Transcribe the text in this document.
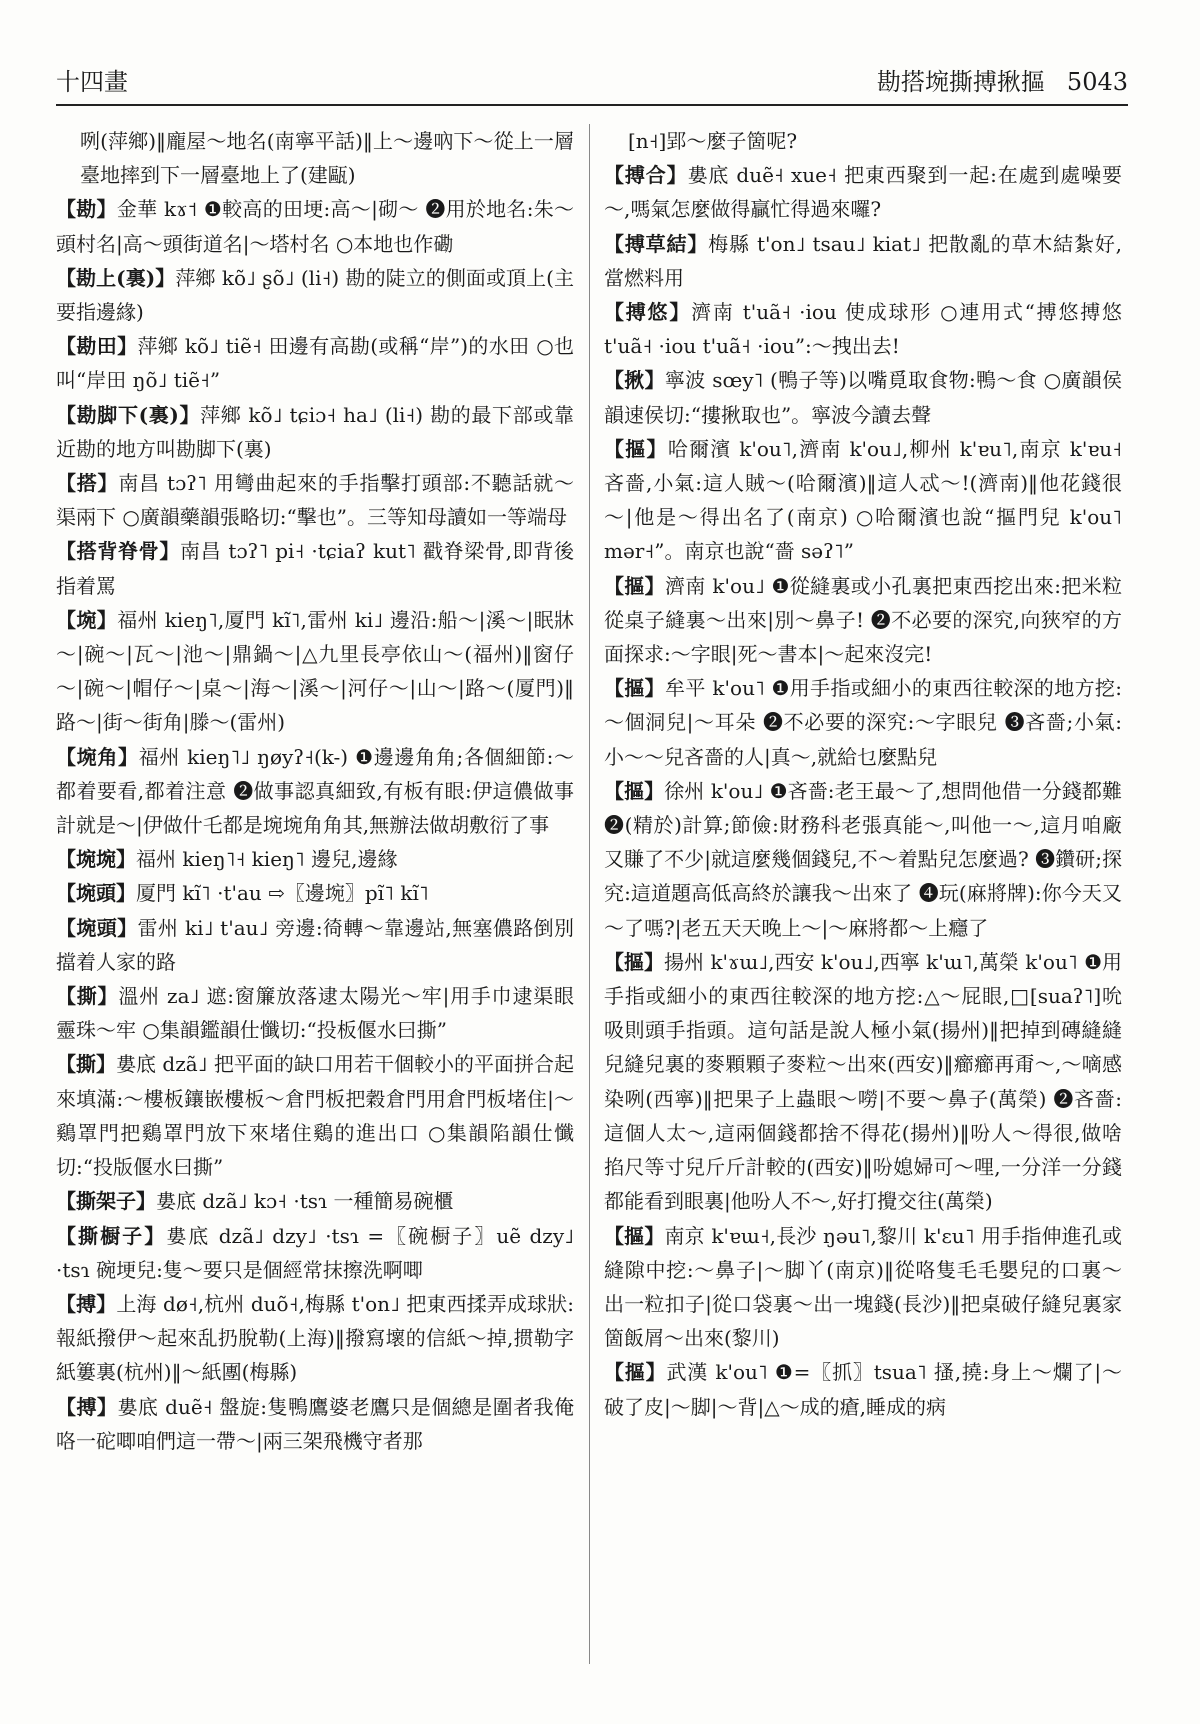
十四畫	勘搭埦撕搏揪摳 5043

咧(萍鄉)‖龐屋～地名(南寧平話)‖上～邊吶下～從上一層臺地摔到下一層臺地上了(建甌)

【勘】金華 kɤ˦ ❶較高的田埂:高～|砌～ ❷用於地名:朱～頭村名|高～頭街道名|～塔村名 ○本地也作磡

【勘上(裏)】萍鄉 kõ˩ ʂõ˩ (li˧) 勘的陡立的側面或頂上(主要指邊緣)

【勘田】萍鄉 kõ˩ tiẽ˧ 田邊有高勘(或稱“岸”)的水田 ○也叫“岸田 ŋõ˩ tiẽ˧”

【勘脚下(裏)】萍鄉 kõ˩ tɕiɔ˧ ha˩ (li˧) 勘的最下部或靠近勘的地方叫勘脚下(裏)

【搭】南昌 tɔʔ˥ 用彎曲起來的手指擊打頭部:不聽話就～渠兩下 ○廣韻藥韻張略切:“擊也”。三等知母讀如一等端母

【搭背脊骨】南昌 tɔʔ˥ pi˧ ·tɕiaʔ kut˥ 戳脊梁骨,即背後指着罵

【埦】福州 kieŋ˥,厦門 kĩ˥,雷州 ki˩ 邊沿:船～|溪～|眠牀～|碗～|瓦～|池～|鼎鍋～|△九里長亭依山～(福州)‖窗仔～|碗～|帽仔～|桌～|海～|溪～|河仔～|山～|路～(厦門)‖路～|街～街角|滕～(雷州)

【埦角】福州 kieŋ˥˩ ŋøyʔ˧(k-) ❶邊邊角角;各個細節:～都着要看,都着注意 ❷做事認真細致,有板有眼:伊這儂做事計就是～|伊做什乇都是埦埦角角其,無辦法做胡敷衍了事

【埦埦】福州 kieŋ˥˧ kieŋ˥ 邊兒,邊緣

【埦頭】厦門 kĩ˥ ·t'au ⇨〖邊埦〗pĩ˥ kĩ˥

【埦頭】雷州 ki˩ t'au˩ 旁邊:徛轉～靠邊站,無塞儂路倒別擋着人家的路

【撕】溫州 za˩ 遮:窗簾放落逮太陽光～牢|用手巾逮渠眼靈珠～牢 ○集韻鑑韻仕懺切:“投板偃水曰撕”

【撕】婁底 dzã˩ 把平面的缺口用若干個較小的平面拼合起來填滿:～樓板鑲嵌樓板～倉門板把穀倉門用倉門板堵住|～鷄罩門把鷄罩門放下來堵住鷄的進出口 ○集韻陷韻仕懺切:“投版偃水曰撕”

【撕架子】婁底 dzã˩ kɔ˧ ·tsɿ 一種簡易碗櫃

【撕橱子】婁底 dzã˩ dzy˩ ·tsɿ =〖碗橱子〗uẽ dzy˩ ·tsɿ 碗埂兒:隻～要只是個經常抹擦洗啊唧

【搏】上海 dø˧,杭州 duõ˧,梅縣 t'on˩ 把東西揉弄成球狀:報紙撥伊～起來乱扔脫勒(上海)‖撥寫壞的信紙～掉,掼勒字紙簍裏(杭州)‖～紙團(梅縣)

【搏】婁底 duẽ˧ 盤旋:隻鴨鷹婆老鷹只是個總是圍者我俺咯一砣唧咱們這一帶～|兩三架飛機守者那

[n˧]郢～麼子箇呢?

【搏合】婁底 duẽ˧ xue˧ 把東西聚到一起:在處到處噪要～,嗎氣怎麼做得贏忙得過來囉?

【搏草結】梅縣 t'on˩ tsau˩ kiat˩ 把散亂的草木結紮好,當燃料用

【搏悠】濟南 t'uã˧ ·iou 使成球形 ○連用式“搏悠搏悠 t'uã˧ ·iou t'uã˧ ·iou”:～拽出去!

【揪】寧波 sœy˥ (鴨子等)以嘴覓取食物:鴨～食 ○廣韻侯韻速侯切:“摟揪取也”。寧波今讀去聲

【摳】哈爾濱 k'ou˥,濟南 k'ou˩,柳州 k'ɐu˥,南京 k'ɐu˧ 吝嗇,小氣:這人賊～(哈爾濱)‖這人忒～!(濟南)‖他花錢很～|他是～得出名了(南京) ○哈爾濱也說“摳門兒 k'ou˥ mər˧”。南京也說“嗇 səʔ˥”

【摳】濟南 k'ou˩ ❶從縫裏或小孔裏把東西挖出來:把米粒從桌子縫裏～出來|別～鼻子! ❷不必要的深究,向狹窄的方面探求:～字眼|死～書本|～起來沒完!

【摳】牟平 k'ou˥ ❶用手指或細小的東西往較深的地方挖:～個洞兒|～耳朵 ❷不必要的深究:～字眼兒 ❸吝嗇;小氣:小～～兒吝嗇的人|真～,就給乜麼點兒

【摳】徐州 k'ou˩ ❶吝嗇:老王最～了,想問他借一分錢都難 ❷(精於)計算;節儉:財務科老張真能～,叫他一～,這月咱廠又賺了不少|就這麼幾個錢兒,不～着點兒怎麼過? ❸鑽研;探究:這道題高低高終於讓我～出來了 ❹玩(麻將牌):你今天又～了嗎?|老五天天晚上～|～麻將都～上癮了

【摳】揚州 k'ɤɯ˩,西安 k'ou˩,西寧 k'ɯ˥,萬榮 k'ou˥ ❶用手指或細小的東西往較深的地方挖:△～屁眼,□[suaʔ˥]吮吸則頭手指頭。這句話是說人極小氣(揚州)‖把掉到磚縫縫兒縫兒裏的麥顆顆子麥粒～出來(西安)‖癤癤再甭～,～嘀感染咧(西寧)‖把果子上蟲眼～嘮|不要～鼻子(萬榮) ❷吝嗇:這個人太～,這兩個錢都捨不得花(揚州)‖吩人～得很,做啥掐尺等寸兒斤斤計較的(西安)‖吩媳婦可～哩,一分洋一分錢都能看到眼裏|他吩人不～,好打攪交往(萬榮)

【摳】南京 k'ɐɯ˧,長沙 ŋəu˥,黎川 k'ɛu˥ 用手指伸進孔或縫隙中挖:～鼻子|～脚丫(南京)‖從咯隻毛毛嬰兒的口裏～出一粒扣子|從口袋裏～出一塊錢(長沙)‖把桌破仔縫兒裏家箇飯屑～出來(黎川)

【摳】武漢 k'ou˥ ❶=〖抓〗tsua˥ 搔,撓:身上～爛了|～破了皮|～脚|～背|△～成的瘡,睡成的病
